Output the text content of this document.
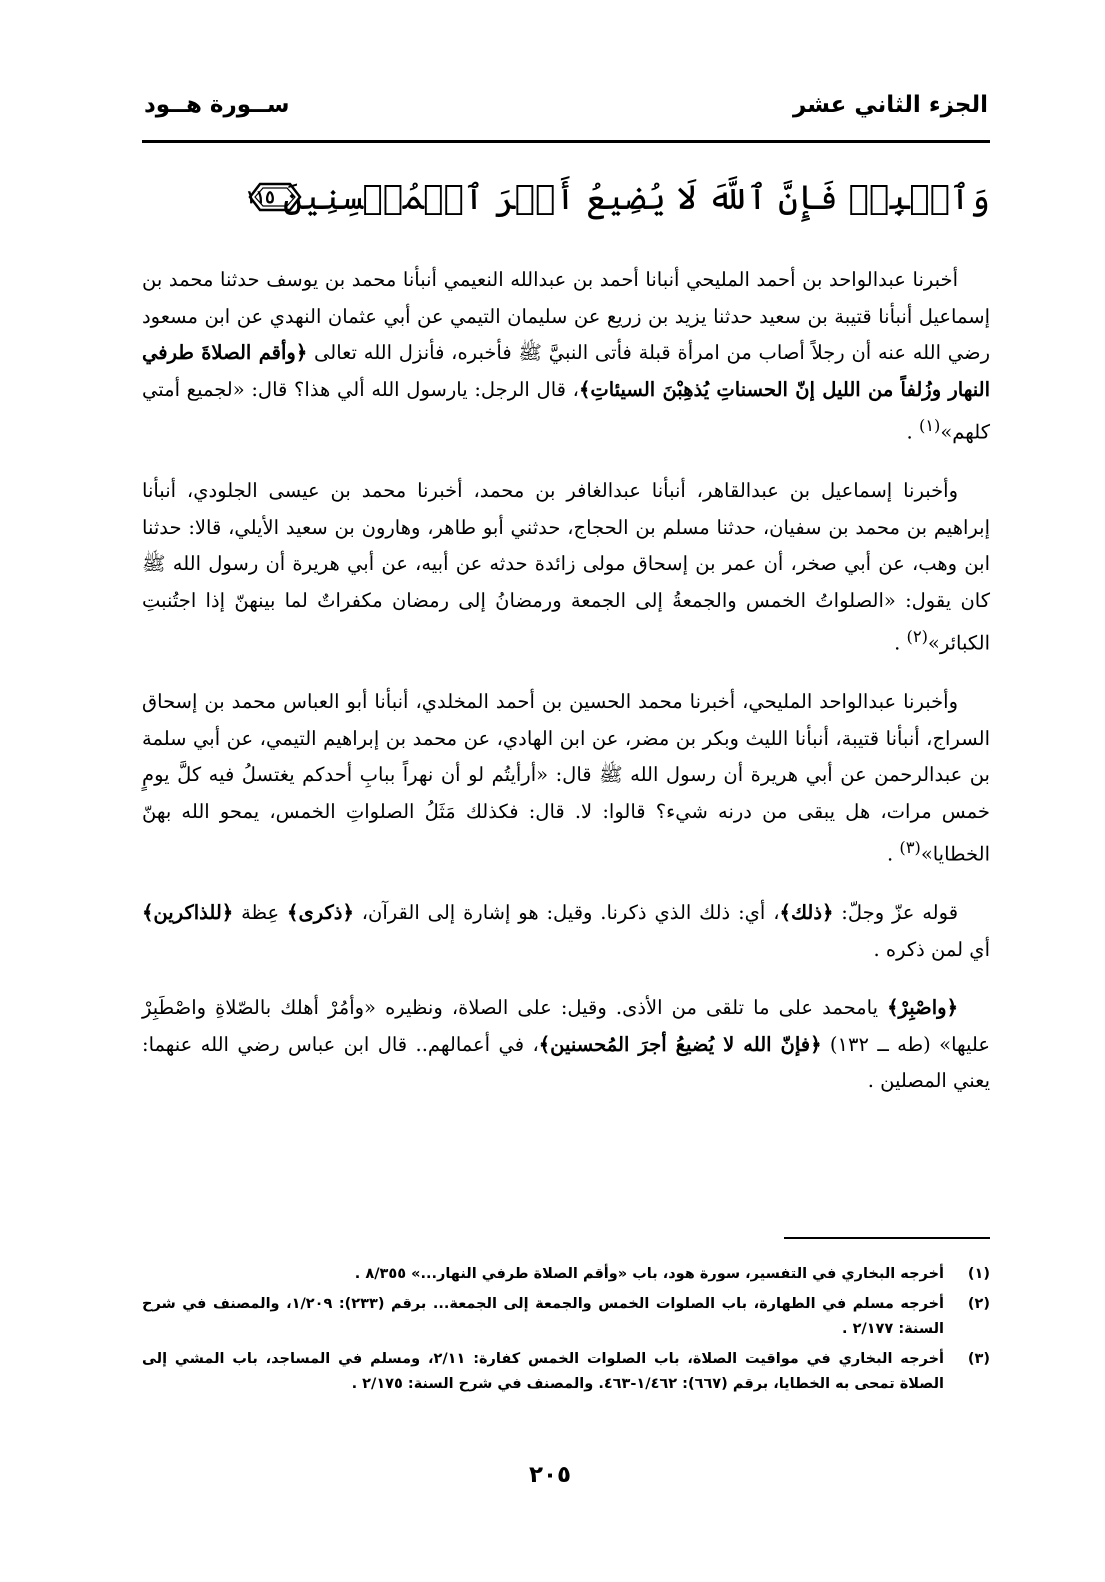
الجزء الثاني عشر
ســورة هــود
وَٱصۡبِرۡ فَإِنَّ ٱللَّهَ لَا يُضِيعُ أَجۡرَ ٱلۡمُحۡسِنِينَ
١١٥

أخبرنا عبدالواحد بن أحمد المليحي أنبانا أحمد بن عبدالله النعيمي أنبأنا محمد بن يوسف حدثنا محمد بن إسماعيل أنبأنا قتيبة بن سعيد حدثنا يزيد بن زريع عن سليمان التيمي عن أبي عثمان النهدي عن ابن مسعود رضي الله عنه أن رجلاً أصاب من امرأة قبلة فأتى النبيَّ ﷺ فأخبره، فأنزل الله تعالى ﴿وأقم الصلاةَ طرفي النهار وزُلفاً من الليل إنّ الحسناتِ يُذهِبْنَ السيئاتِ﴾، قال الرجل: يارسول الله ألي هذا؟ قال: «لجميع أمتي كلهم»$^{(١)}$ .

وأخبرنا إسماعيل بن عبدالقاهر، أنبأنا عبدالغافر بن محمد، أخبرنا محمد بن عيسى الجلودي، أنبأنا إبراهيم بن محمد بن سفيان، حدثنا مسلم بن الحجاج، حدثني أبو طاهر، وهارون بن سعيد الأيلي، قالا: حدثنا ابن وهب، عن أبي صخر، أن عمر بن إسحاق مولى زائدة حدثه عن أبيه، عن أبي هريرة أن رسول الله ﷺ كان يقول: «الصلواتُ الخمس والجمعةُ إلى الجمعة ورمضانُ إلى رمضان مكفراتٌ لما بينهنّ إذا اجتُنبتِ الكبائر»$^{(٢)}$ .

وأخبرنا عبدالواحد المليحي، أخبرنا محمد الحسين بن أحمد المخلدي، أنبأنا أبو العباس محمد بن إسحاق السراج، أنبأنا قتيبة، أنبأنا الليث وبكر بن مضر، عن ابن الهادي، عن محمد بن إبراهيم التيمي، عن أبي سلمة بن عبدالرحمن عن أبي هريرة أن رسول الله ﷺ قال: «أرأيتُم لو أن نهراً ببابِ أحدكم يغتسلُ فيه كلَّ يومٍ خمس مرات، هل يبقى من درنه شيء؟ قالوا: لا. قال: فكذلك مَثَلُ الصلواتِ الخمس، يمحو الله بهنّ الخطايا»$^{(٣)}$ .

قوله عزّ وجلّ: ﴿ذلك﴾، أي: ذلك الذي ذكرنا. وقيل: هو إشارة إلى القرآن، ﴿ذكرى﴾ عِظة ﴿للذاكرين﴾ أي لمن ذكره .

﴿واصْبِرْ﴾ يامحمد على ما تلقى من الأذى. وقيل: على الصلاة، ونظيره «وأمُرْ أهلك بالصّلاةِ واصْطَبِرْ عليها» (طه ــ ١٣٢) ﴿فإنّ الله لا يُضيعُ أجرَ المُحسنين﴾، في أعمالهم.. قال ابن عباس رضي الله عنهما: يعني المصلين .

(١)
أخرجه البخاري في التفسير، سورة هود، باب «وأقم الصلاة طرفي النهار...» ٨/٣٥٥ .
(٢)
أخرجه مسلم في الطهارة، باب الصلوات الخمس والجمعة إلى الجمعة... برقم (٢٣٣): ١/٢٠٩، والمصنف في شرح السنة: ٢/١٧٧ .
(٣)
أخرجه البخاري في مواقيت الصلاة، باب الصلوات الخمس كفارة: ٢/١١، ومسلم في المساجد، باب المشي إلى الصلاة تمحى به الخطايا، برقم (٦٦٧): ١/٤٦٢-٤٦٣. والمصنف في شرح السنة: ٢/١٧٥ .
٢٠٥
